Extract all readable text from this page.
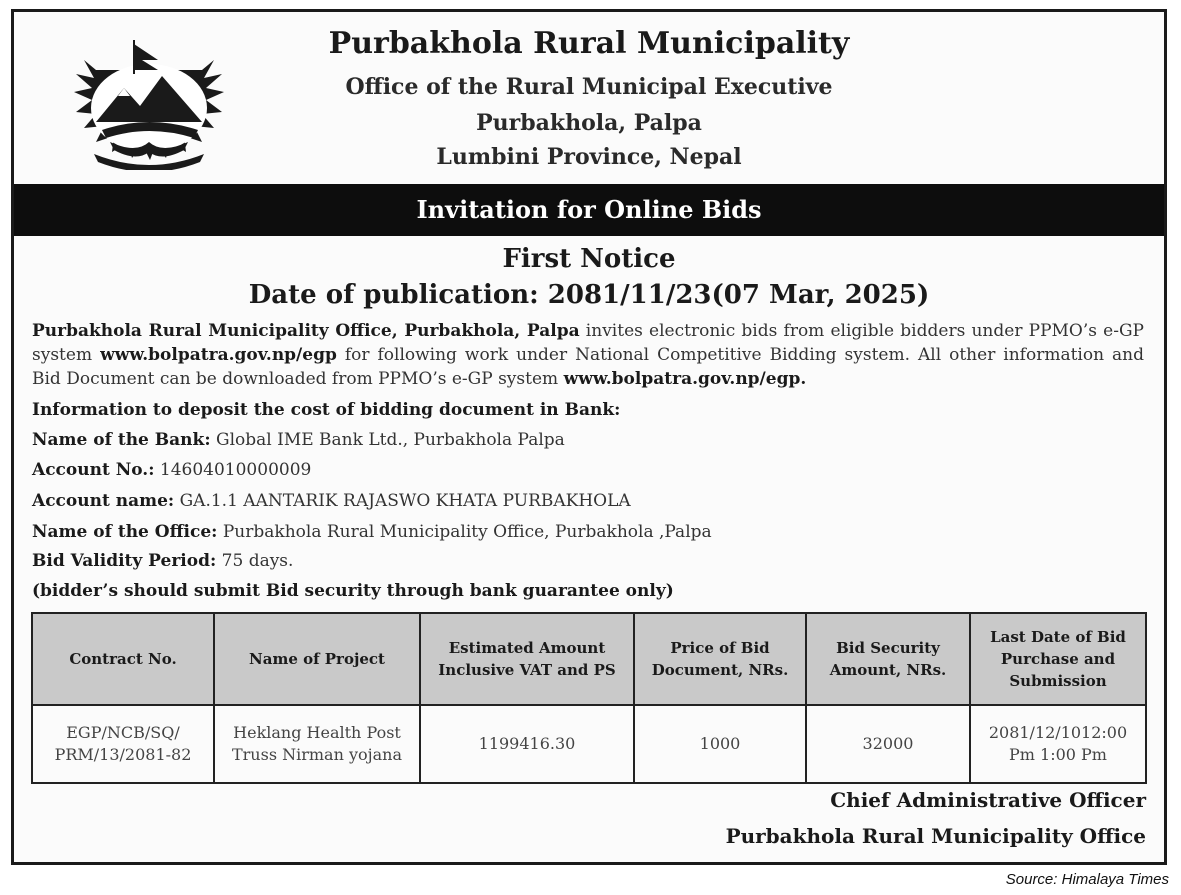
Purbakhola Rural Municipality
Office of the Rural Municipal Executive
Purbakhola, Palpa
Lumbini Province, Nepal
Invitation for Online Bids
First Notice
Date of publication: 2081/11/23(07 Mar, 2025)
Purbakhola Rural Municipality Office, Purbakhola, Palpa invites electronic bids from eligible bidders under PPMO’s e-GP system www.bolpatra.gov.np/egp for following work under National Competitive Bidding system. All other information and Bid Document can be downloaded from PPMO’s e-GP system www.bolpatra.gov.np/egp.
Information to deposit the cost of bidding document in Bank:
Name of the Bank: Global IME Bank Ltd., Purbakhola Palpa
Account No.: 14604010000009
Account name: GA.1.1 AANTARIK RAJASWO KHATA PURBAKHOLA
Name of the Office: Purbakhola Rural Municipality Office, Purbakhola ,Palpa
Bid Validity Period: 75 days.
(bidder’s should submit Bid security through bank guarantee only)
Contract No.	Name of Project	Estimated Amount Inclusive VAT and PS	Price of Bid Document, NRs.	Bid Security Amount, NRs.	Last Date of Bid Purchase and Submission
EGP/NCB/SQ/ PRM/13/2081-82	Heklang Health Post Truss Nirman yojana	1199416.30	1000	32000	2081/12/1012:00 Pm 1:00 Pm
Chief Administrative Officer
Purbakhola Rural Municipality Office
Source: Himalaya Times
